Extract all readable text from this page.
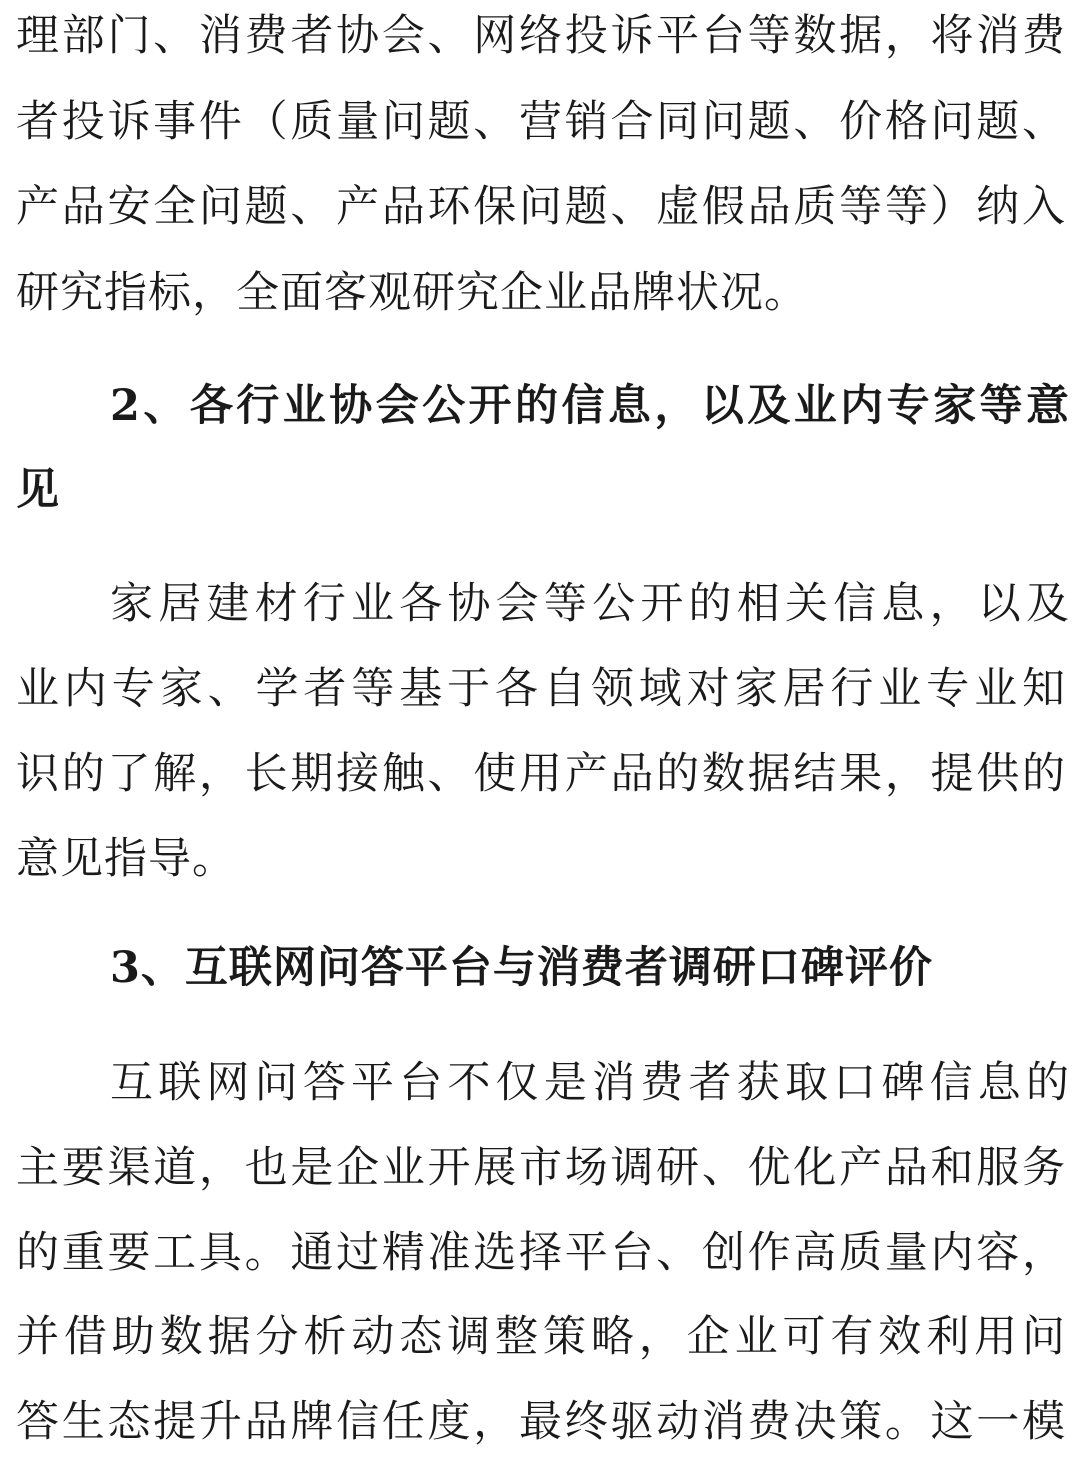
理部门、消费者协会、网络投诉平台等数据，将消费
者投诉事件（质量问题、营销合同问题、价格问题、
产品安全问题、产品环保问题、虚假品质等等）纳入
研究指标，全面客观研究企业品牌状况。
2、各行业协会公开的信息，以及业内专家等意
见
家居建材行业各协会等公开的相关信息，以及
业内专家、学者等基于各自领域对家居行业专业知
识的了解，长期接触、使用产品的数据结果，提供的
意见指导。
3、互联网问答平台与消费者调研口碑评价
互联网问答平台不仅是消费者获取口碑信息的
主要渠道，也是企业开展市场调研、优化产品和服务
的重要工具。通过精准选择平台、创作高质量内容，
并借助数据分析动态调整策略，企业可有效利用问
答生态提升品牌信任度，最终驱动消费决策。这一模
